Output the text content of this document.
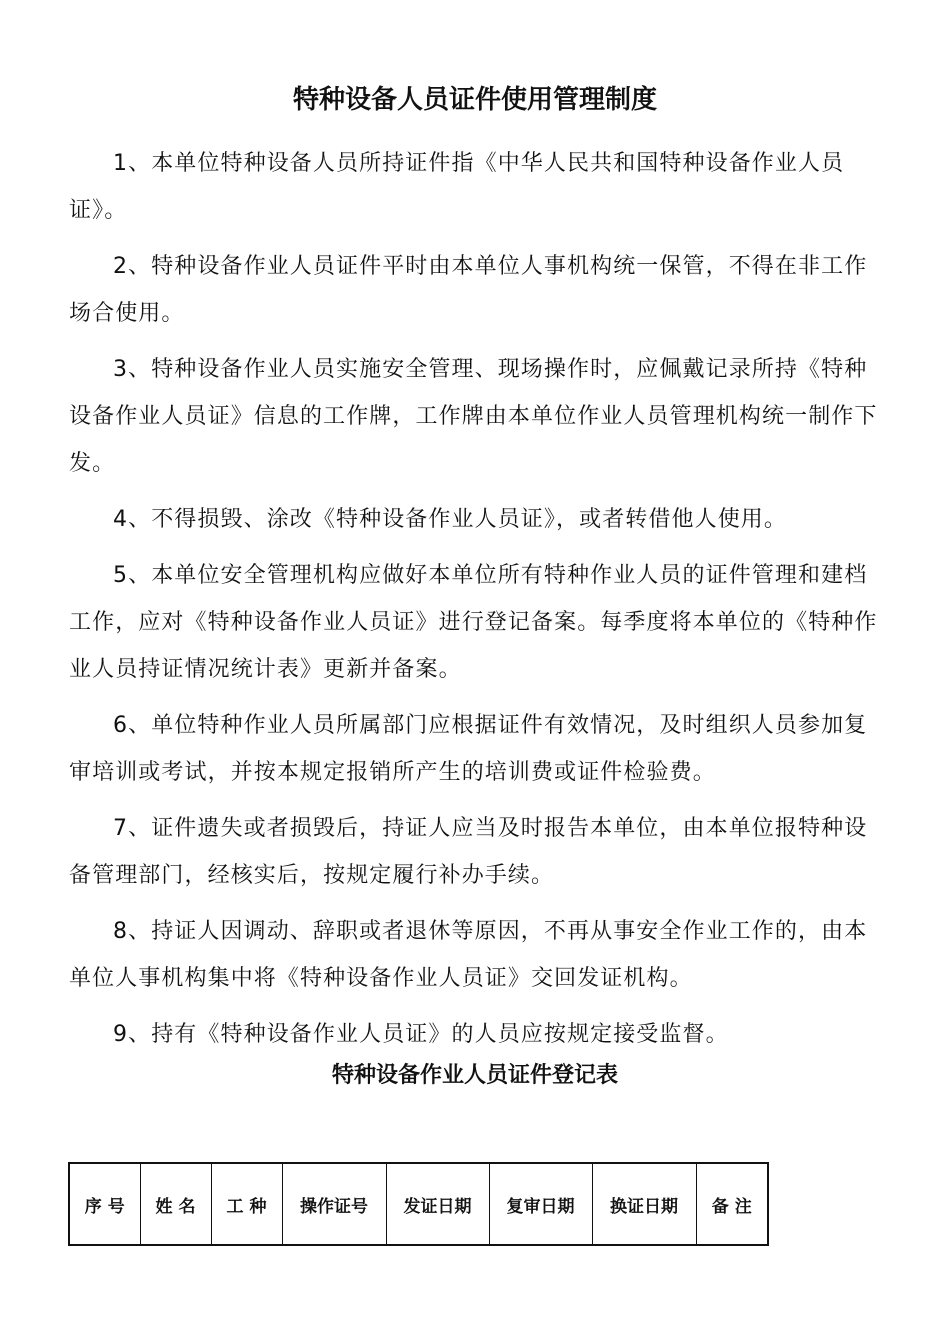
特种设备人员证件使用管理制度

1、本单位特种设备人员所持证件指《中华人民共和国特种设备作业人员证》。

2、特种设备作业人员证件平时由本单位人事机构统一保管，不得在非工作场合使用。

3、特种设备作业人员实施安全管理、现场操作时，应佩戴记录所持《特种设备作业人员证》信息的工作牌，工作牌由本单位作业人员管理机构统一制作下发。

4、不得损毁、涂改《特种设备作业人员证》，或者转借他人使用。

5、本单位安全管理机构应做好本单位所有特种作业人员的证件管理和建档工作，应对《特种设备作业人员证》进行登记备案。每季度将本单位的《特种作业人员持证情况统计表》更新并备案。

6、单位特种作业人员所属部门应根据证件有效情况，及时组织人员参加复审培训或考试，并按本规定报销所产生的培训费或证件检验费。

7、证件遗失或者损毁后，持证人应当及时报告本单位，由本单位报特种设备管理部门，经核实后，按规定履行补办手续。

8、持证人因调动、辞职或者退休等原因，不再从事安全作业工作的，由本单位人事机构集中将《特种设备作业人员证》交回发证机构。

9、持有《特种设备作业人员证》的人员应按规定接受监督。

特种设备作业人员证件登记表
序 号	姓 名	工 种	操作证号	发证日期	复审日期	换证日期	备 注
